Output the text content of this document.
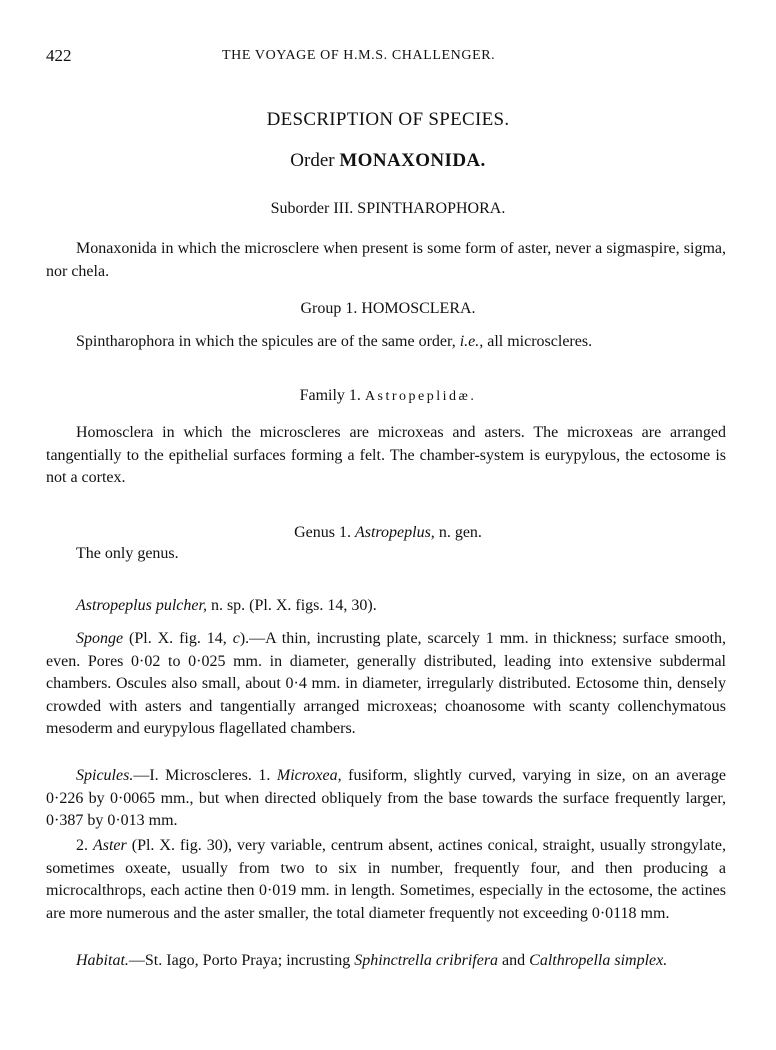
422	THE VOYAGE OF H.M.S. CHALLENGER.
DESCRIPTION OF SPECIES.
Order MONAXONIDA.
Suborder III. SPINTHAROPHORA.
Monaxonida in which the microsclere when present is some form of aster, never a sigmaspire, sigma, nor chela.
Group 1. HOMOSCLERA.
Spintharophora in which the spicules are of the same order, i.e., all microscleres.
Family 1. Astropeplidæ.
Homosclera in which the microscleres are microxeas and asters. The microxeas are arranged tangentially to the epithelial surfaces forming a felt. The chamber-system is eurypylous, the ectosome is not a cortex.
Genus 1. Astropeplus, n. gen.
The only genus.
Astropeplus pulcher, n. sp. (Pl. X. figs. 14, 30).
Sponge (Pl. X. fig. 14, c).—A thin, incrusting plate, scarcely 1 mm. in thickness; surface smooth, even. Pores 0·02 to 0·025 mm. in diameter, generally distributed, leading into extensive subdermal chambers. Oscules also small, about 0·4 mm. in diameter, irregularly distributed. Ectosome thin, densely crowded with asters and tangentially arranged microxeas; choanosome with scanty collenchymatous mesoderm and eurypylous flagellated chambers.
Spicules.—I. Microscleres. 1. Microxea, fusiform, slightly curved, varying in size, on an average 0·226 by 0·0065 mm., but when directed obliquely from the base towards the surface frequently larger, 0·387 by 0·013 mm.
2. Aster (Pl. X. fig. 30), very variable, centrum absent, actines conical, straight, usually strongylate, sometimes oxeate, usually from two to six in number, frequently four, and then producing a microcalthrops, each actine then 0·019 mm. in length. Sometimes, especially in the ectosome, the actines are more numerous and the aster smaller, the total diameter frequently not exceeding 0·0118 mm.
Habitat.—St. Iago, Porto Praya; incrusting Sphinctrella cribrifera and Calthropella simplex.
